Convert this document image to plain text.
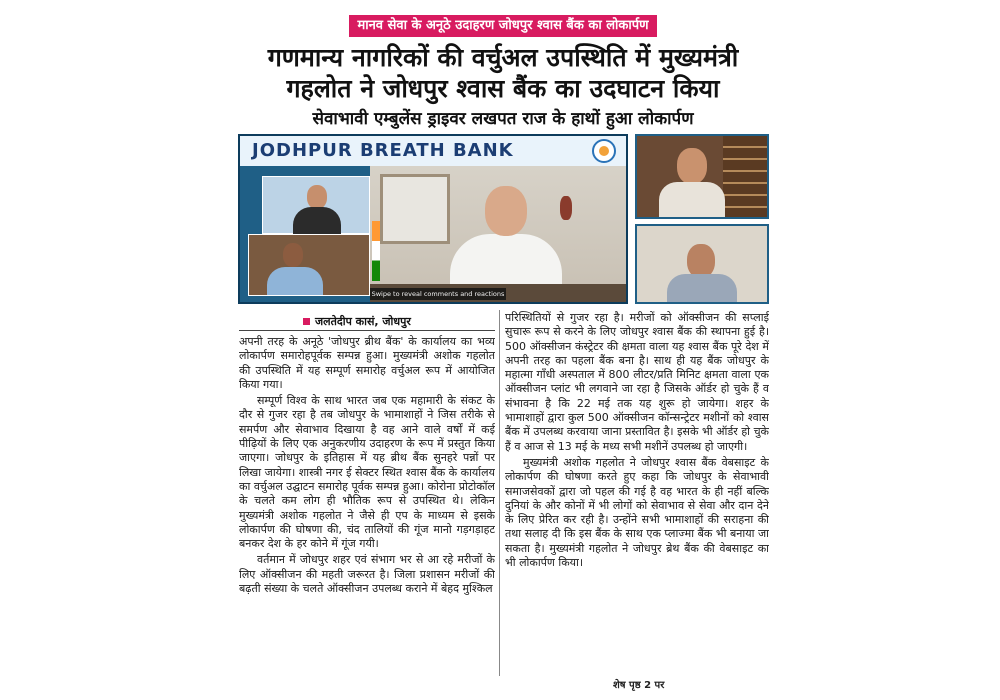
मानव सेवा के अनूठे उदाहरण जोधपुर श्वास बैंक का लोकार्पण
गणमान्य नागरिकों की वर्चुअल उपस्थिति में मुख्यमंत्री
गहलोत ने जोधपुर श्वास बैंक का उदघाटन किया
सेवाभावी एम्बुलेंस ड्राइवर लखपत राज के हाथों हुआ लोकार्पण
JODHPUR BREATH BANK
Swipe to reveal comments and reactions
जलतेदीप कासं, जोधपुर

अपनी तरह के अनूठे 'जोधपुर ब्रीथ बैंक' के कार्यालय का भव्य लोकार्पण समारोहपूर्वक सम्पन्न हुआ। मुख्यमंत्री अशोक गहलोत की उपस्थिति में यह सम्पूर्ण समारोह वर्चुअल रूप में आयोजित किया गया।

सम्पूर्ण विश्व के साथ भारत जब एक महामारी के संकट के दौर से गुजर रहा है तब जोधपुर के भामाशाहों ने जिस तरीके से समर्पण और सेवाभाव दिखाया है वह आने वाले वर्षों में कई पीढ़ियों के लिए एक अनुकरणीय उदाहरण के रूप में प्रस्तुत किया जाएगा। जोधपुर के इतिहास में यह ब्रीथ बैंक सुनहरे पन्नों पर लिखा जायेगा। शास्त्री नगर ई सेक्टर स्थित श्वास बैंक के कार्यालय का वर्चुअल उद्घाटन समारोह पूर्वक सम्पन्न हुआ। कोरोना प्रोटोकॉल के चलते कम लोग ही भौतिक रूप से उपस्थित थे। लेकिन मुख्यमंत्री अशोक गहलोत ने जैसे ही एप के माध्यम से इसके लोकार्पण की घोषणा की, चंद तालियों की गूंज मानो गड़गड़ाहट बनकर देश के हर कोने में गूंज गयी।

वर्तमान में जोधपुर शहर एवं संभाग भर से आ रहे मरीजों के लिए ऑक्सीजन की महती जरूरत है। जिला प्रशासन मरीजों की बढ़ती संख्या के चलते ऑक्सीजन उपलब्ध कराने में बेहद मुश्किल

परिस्थितियों से गुजर रहा है। मरीजों को ऑक्सीजन की सप्लाई सुचारू रूप से करने के लिए जोधपुर श्वास बैंक की स्थापना हुई है। 500 ऑक्सीजन कंस्ट्रेटर की क्षमता वाला यह श्वास बैंक पूरे देश में अपनी तरह का पहला बैंक बना है। साथ ही यह बैंक जोधपुर के महात्मा गाँधी अस्पताल में 800 लीटर/प्रति मिनिट क्षमता वाला एक ऑक्सीजन प्लांट भी लगवाने जा रहा है जिसके ऑर्डर हो चुके हैं व संभावना है कि 22 मई तक यह शुरू हो जायेगा। शहर के भामाशाहों द्वारा कुल 500 ऑक्सीजन कॉन्सन्ट्रेटर मशीनों को श्वास बैंक में उपलब्ध करवाया जाना प्रस्तावित है। इसके भी ऑर्डर हो चुके हैं व आज से 13 मई के मध्य सभी मशीनें उपलब्ध हो जाएगी।

मुख्यमंत्री अशोक गहलोत ने जोधपुर श्वास बैंक वेबसाइट के लोकार्पण की घोषणा करते हुए कहा कि जोधपुर के सेवाभावी समाजसेवकों द्वारा जो पहल की गई है वह भारत के ही नहीं बल्कि दुनियां के और कोनों में भी लोगों को सेवाभाव से सेवा और दान देने के लिए प्रेरित कर रही है। उन्होंने सभी भामाशाहों की सराहना की तथा सलाह दी कि इस बैंक के साथ एक प्लाज्मा बैंक भी बनाया जा सकता है। मुख्यमंत्री गहलोत ने जोधपुर ब्रेथ बैंक की वेबसाइट का भी लोकार्पण किया।

शेष पृष्ठ 2 पर
